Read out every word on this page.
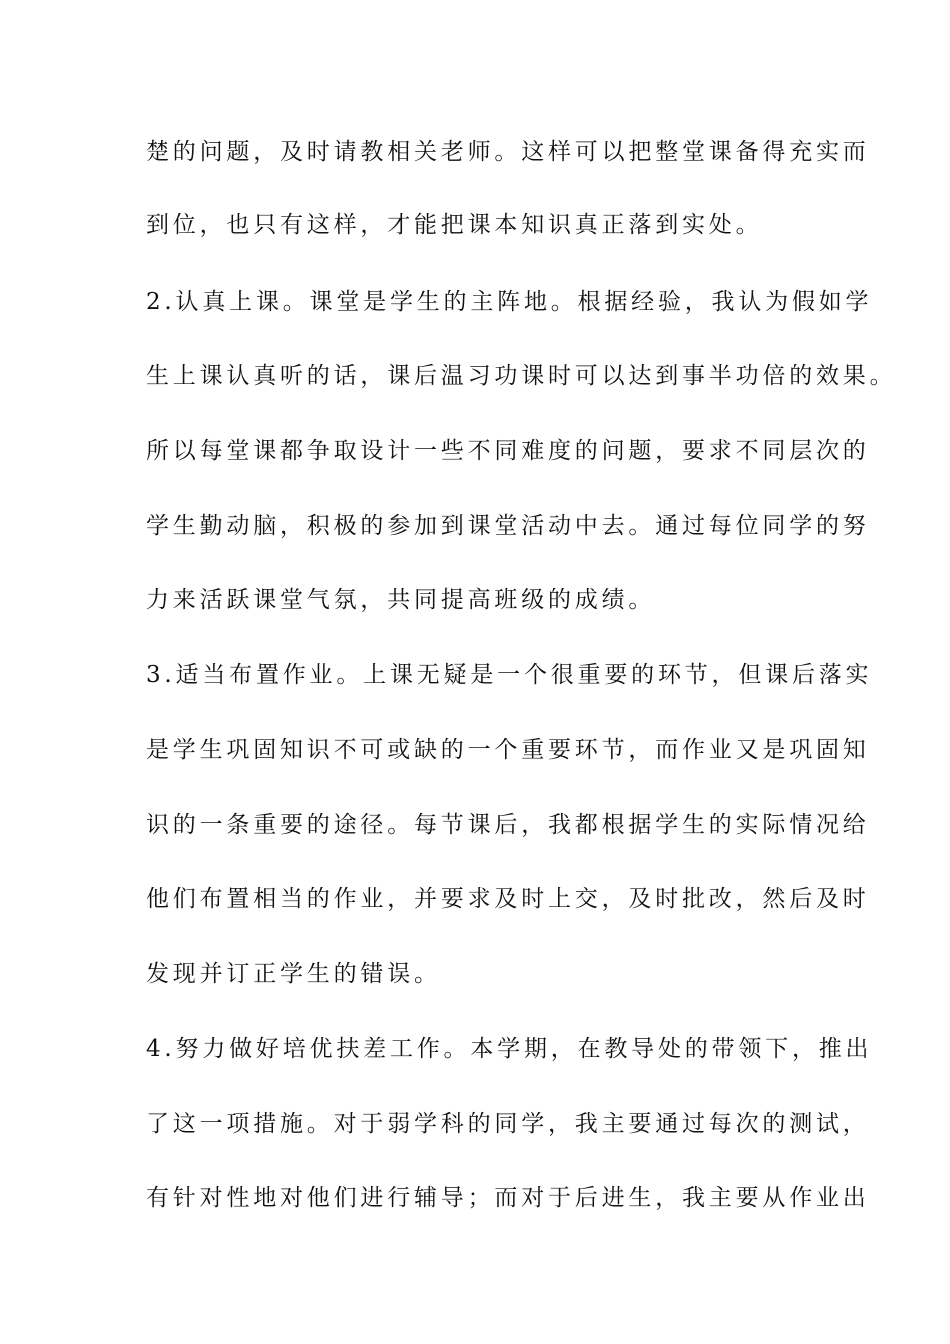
楚的问题，及时请教相关老师。这样可以把整堂课备得充实而
到位，也只有这样，才能把课本知识真正落到实处。
2.认真上课。课堂是学生的主阵地。根据经验，我认为假如学
生上课认真听的话，课后温习功课时可以达到事半功倍的效果。
所以每堂课都争取设计一些不同难度的问题，要求不同层次的
学生勤动脑，积极的参加到课堂活动中去。通过每位同学的努
力来活跃课堂气氛，共同提高班级的成绩。
3.适当布置作业。上课无疑是一个很重要的环节，但课后落实
是学生巩固知识不可或缺的一个重要环节，而作业又是巩固知
识的一条重要的途径。每节课后，我都根据学生的实际情况给
他们布置相当的作业，并要求及时上交，及时批改，然后及时
发现并订正学生的错误。
4.努力做好培优扶差工作。本学期，在教导处的带领下，推出
了这一项措施。对于弱学科的同学，我主要通过每次的测试，
有针对性地对他们进行辅导；而对于后进生，我主要从作业出
